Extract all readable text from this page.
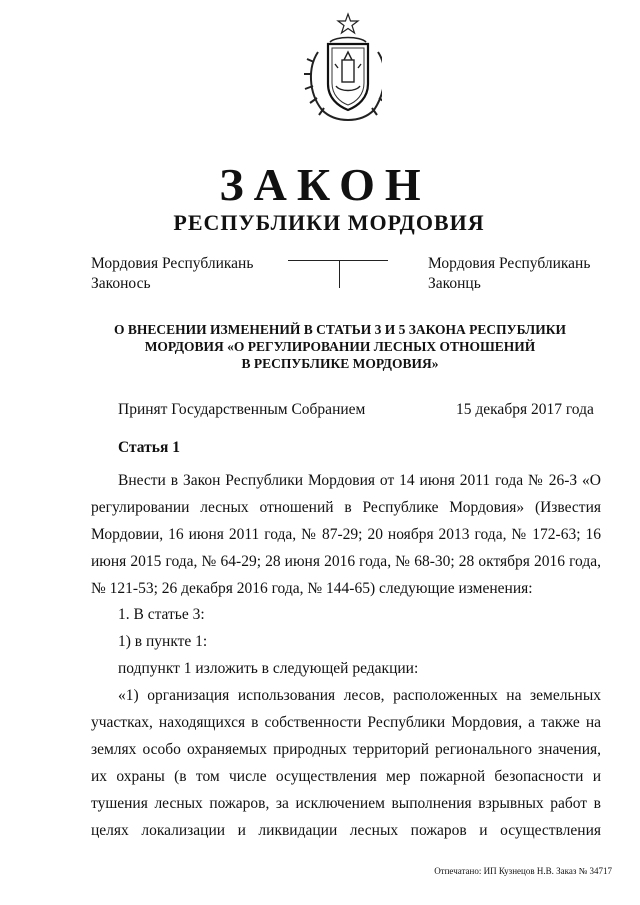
ЗАКОН
РЕСПУБЛИКИ МОРДОВИЯ
Мордовия Республикань
Законось
Мордовия Республикань
Законць
О ВНЕСЕНИИ ИЗМЕНЕНИЙ В СТАТЬИ 3 И 5 ЗАКОНА РЕСПУБЛИКИ
МОРДОВИЯ «О РЕГУЛИРОВАНИИ ЛЕСНЫХ ОТНОШЕНИЙ
В РЕСПУБЛИКЕ МОРДОВИЯ»
Принят Государственным Собранием	15 декабря 2017 года
Статья 1
Внести в Закон Республики Мордовия от 14 июня 2011 года № 26-З «О
регулировании лесных отношений в Республике Мордовия» (Известия
Мордовии, 16 июня 2011 года, № 87-29; 20 ноября 2013 года, № 172-63; 16
июня 2015 года, № 64-29; 28 июня 2016 года, № 68-30; 28 октября 2016 года,
№ 121-53; 26 декабря 2016 года, № 144-65) следующие изменения:
1. В статье 3:
1) в пункте 1:
подпункт 1 изложить в следующей редакции:
«1) организация использования лесов, расположенных на земельных
участках, находящихся в собственности Республики Мордовия, а также на
землях особо охраняемых природных территорий регионального значения,
их охраны (в том числе осуществления мер пожарной безопасности и
тушения лесных пожаров, за исключением выполнения взрывных работ в
целях локализации и ликвидации лесных пожаров и осуществления
Отпечатано: ИП Кузнецов Н.В. Заказ № 34717
